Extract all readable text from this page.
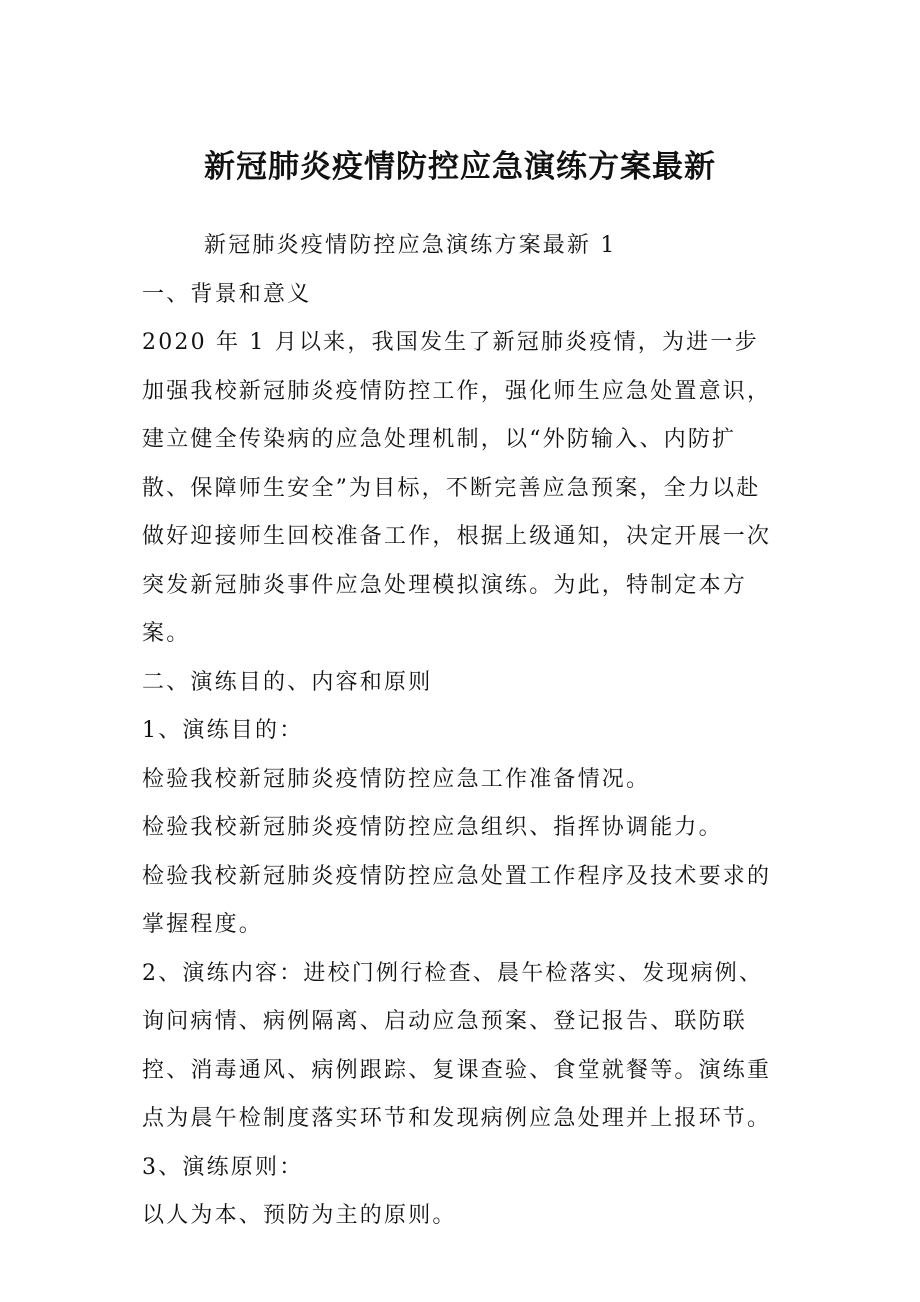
新冠肺炎疫情防控应急演练方案最新

新冠肺炎疫情防控应急演练方案最新 1

一、背景和意义

2020 年 1 月以来，我国发生了新冠肺炎疫情，为进一步加强我校新冠肺炎疫情防控工作，强化师生应急处置意识，建立健全传染病的应急处理机制，以“外防输入、内防扩散、保障师生安全”为目标，不断完善应急预案，全力以赴做好迎接师生回校准备工作，根据上级通知，决定开展一次突发新冠肺炎事件应急处理模拟演练。为此，特制定本方案。

二、演练目的、内容和原则

1、演练目的：

检验我校新冠肺炎疫情防控应急工作准备情况。

检验我校新冠肺炎疫情防控应急组织、指挥协调能力。

检验我校新冠肺炎疫情防控应急处置工作程序及技术要求的掌握程度。

2、演练内容：进校门例行检查、晨午检落实、发现病例、询问病情、病例隔离、启动应急预案、登记报告、联防联控、消毒通风、病例跟踪、复课查验、食堂就餐等。演练重点为晨午检制度落实环节和发现病例应急处理并上报环节。

3、演练原则：

以人为本、预防为主的原则。
